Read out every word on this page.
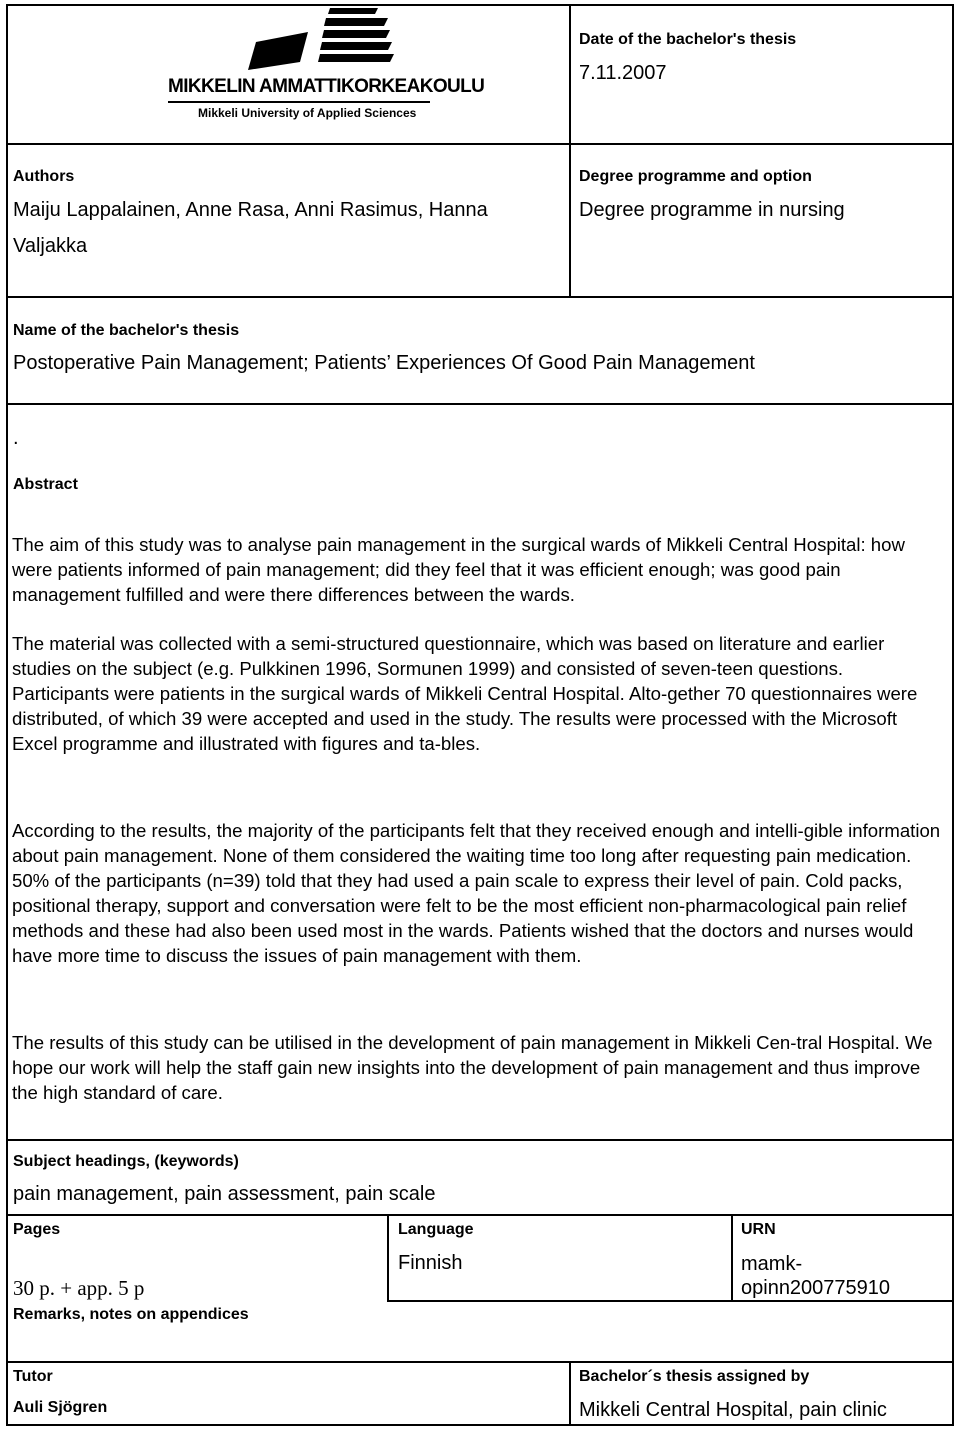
MIKKELIN AMMATTIKORKEAKOULU
Mikkeli University of Applied Sciences
Date of the bachelor's thesis
7.11.2007
Authors
Maiju Lappalainen, Anne Rasa, Anni Rasimus, Hanna Valjakka
Degree programme and option
Degree programme in nursing
Name of the bachelor's thesis
Postoperative Pain Management; Patients’ Experiences Of Good Pain Management
.
Abstract

The aim of this study was to analyse pain management in the surgical wards of Mikkeli Central Hospital: how were patients informed of pain management; did they feel that it was efficient enough; was good pain management fulfilled and were there differences between the wards.

The material was collected with a semi-structured questionnaire, which was based on literature and earlier studies on the subject (e.g. Pulkkinen 1996, Sormunen 1999) and consisted of seven-teen questions. Participants were patients in the surgical wards of Mikkeli Central Hospital. Alto-gether 70 questionnaires were distributed, of which 39 were accepted and used in the study. The results were processed with the Microsoft Excel programme and illustrated with figures and ta-bles.

According to the results, the majority of the participants felt that they received enough and intelli-gible information about pain management. None of them considered the waiting time too long after requesting pain medication. 50% of the participants (n=39) told that they had used a pain scale to express their level of pain. Cold packs, positional therapy, support and conversation were felt to be the most efficient non-pharmacological pain relief methods and these had also been used most in the wards. Patients wished that the doctors and nurses would have more time to discuss the issues of pain management with them.

The results of this study can be utilised in the development of pain management in Mikkeli Cen-tral Hospital. We hope our work will help the staff gain new insights into the development of pain management and thus improve the high standard of care.

Subject headings, (keywords)
pain management, pain assessment, pain scale
Pages
30 p. + app. 5 p
Language
Finnish
URN
mamk-opinn200775910
Remarks, notes on appendices
Tutor
Auli Sjögren
Bachelor´s thesis assigned by
Mikkeli Central Hospital, pain clinic
